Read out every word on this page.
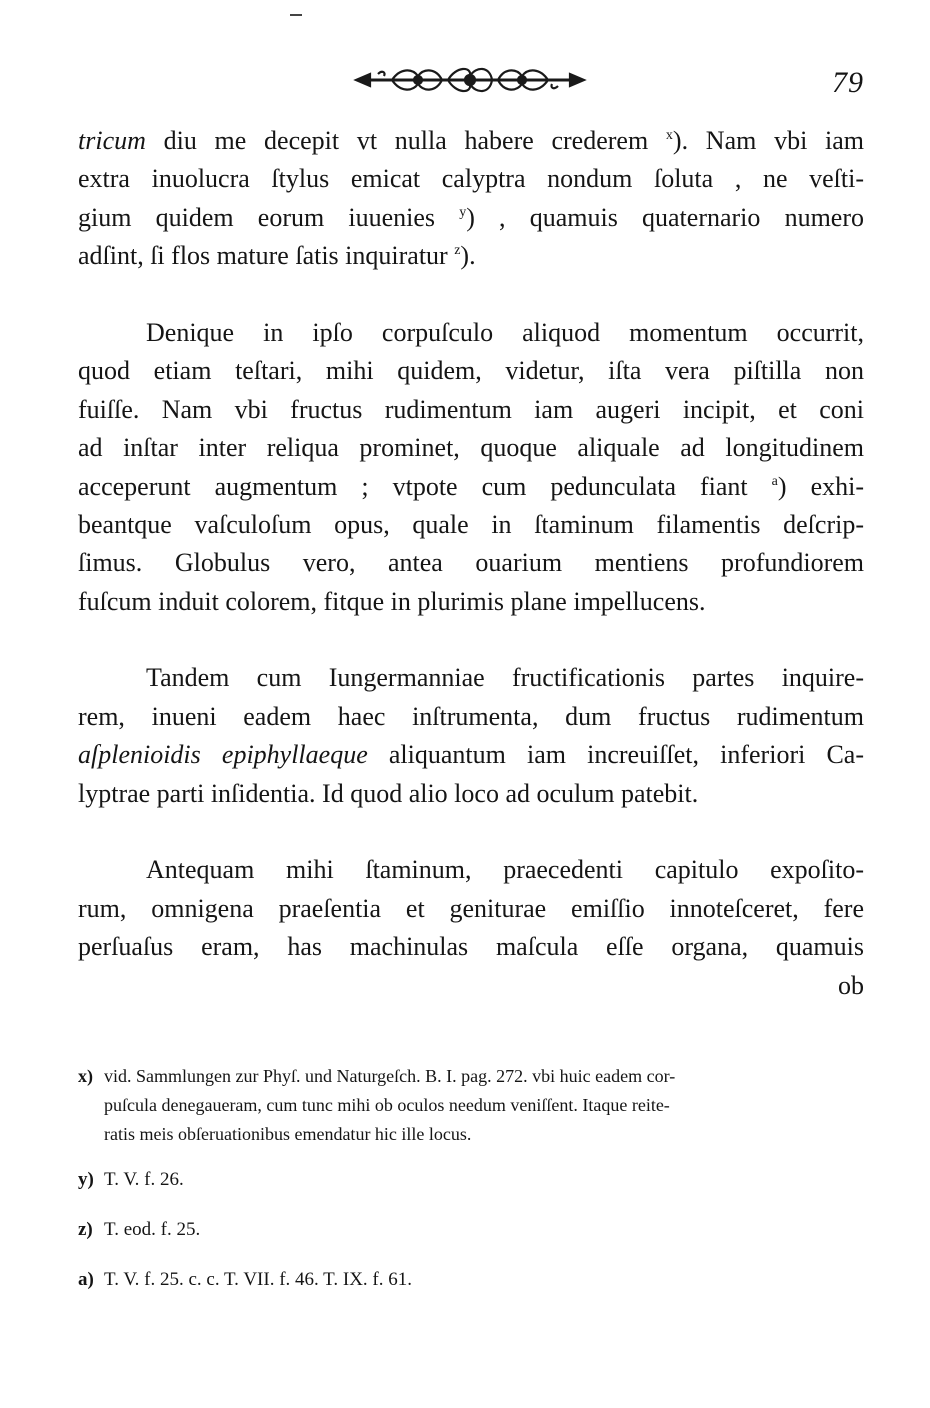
79
tricum diu me decepit vt nulla habere crederem $^x$). Nam vbi iam
extra inuolucra ſtylus emicat calyptra nondum ſoluta , ne veſti-
gium quidem eorum iuuenies $^y$) , quamuis quaternario numero
adſint, ſi flos mature ſatis inquiratur $^z$).
Denique in ipſo corpuſculo aliquod momentum occurrit,
quod etiam teſtari, mihi quidem, videtur, iſta vera piſtilla non
fuiſſe. Nam vbi fructus rudimentum iam augeri incipit, et coni
ad inſtar inter reliqua prominet, quoque aliquale ad longitudinem
acceperunt augmentum ; vtpote cum pedunculata fiant $^a$) exhi-
beantque vaſculoſum opus, quale in ſtaminum filamentis deſcrip-
ſimus. Globulus vero, antea ouarium mentiens profundiorem
fuſcum induit colorem, fitque in plurimis plane impellucens.
Tandem cum Iungermanniae fructificationis partes inquire-
rem, inueni eadem haec inſtrumenta, dum fructus rudimentum
aſplenioidis epiphyllaeque aliquantum iam increuiſſet, inferiori Ca-
lyptrae parti inſidentia. Id quod alio loco ad oculum patebit.
Antequam mihi ſtaminum, praecedenti capitulo expoſito-
rum, omnigena praeſentia et geniturae emiſſio innoteſceret, fere
perſuaſus eram, has machinulas maſcula eſſe organa, quamuis
ob
x) vid. Sammlungen zur Phyſ. und Naturgeſch. B. I. pag. 272. vbi huic eadem cor-
puſcula denegaueram, cum tunc mihi ob oculos needum veniſſent. Itaque reite-
ratis meis obſeruationibus emendatur hic ille locus.
y) T. V. f. 26.
z) T. eod. f. 25.
a) T. V. f. 25. c. c. T. VII. f. 46. T. IX. f. 61.
